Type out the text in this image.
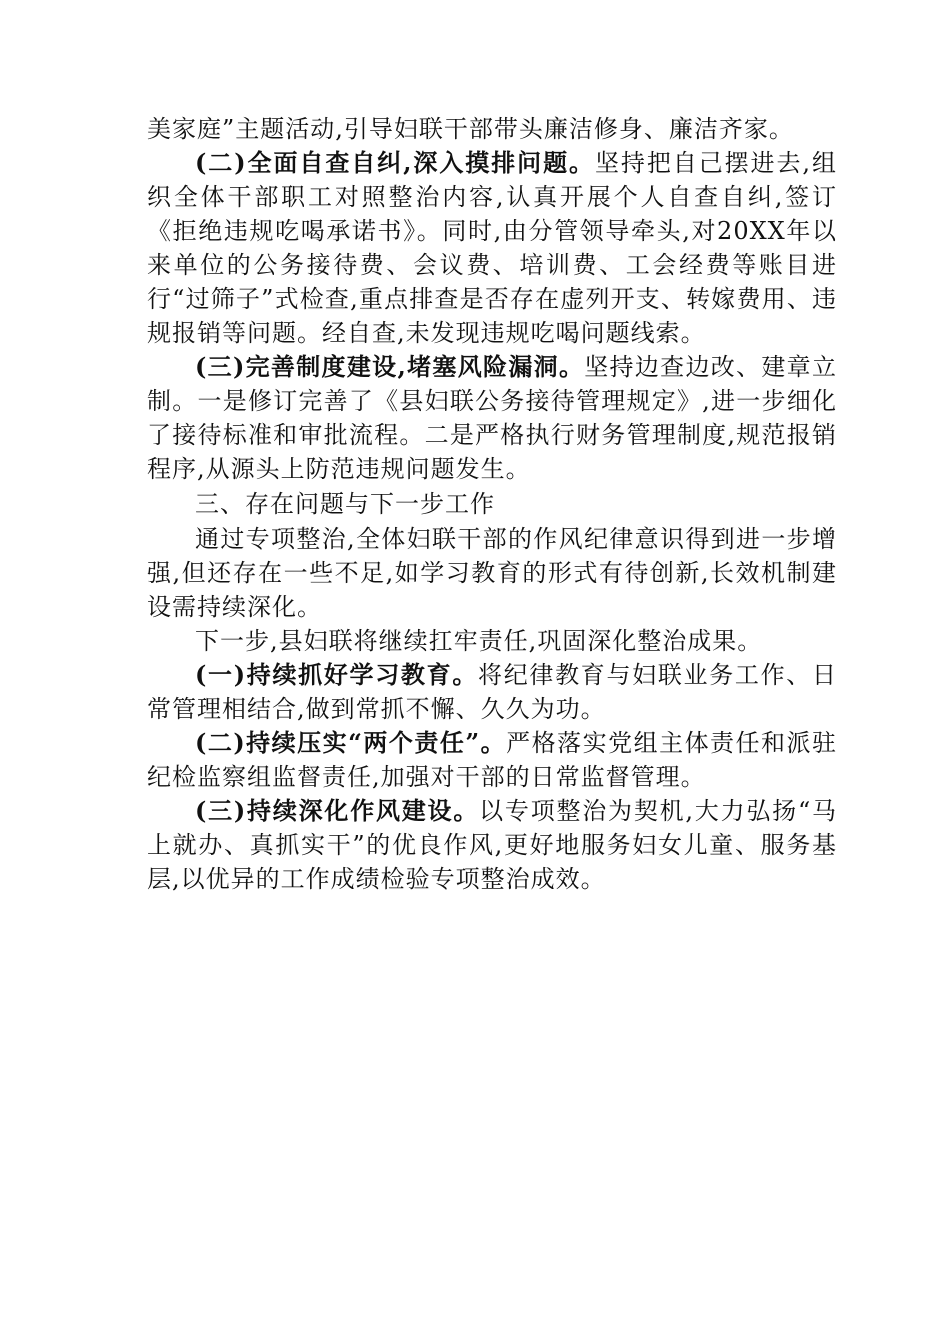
美家庭”主题活动,引导妇联干部带头廉洁修身、廉洁齐家。

(二)全面自查自纠,深入摸排问题。坚持把自己摆进去,组织全体干部职工对照整治内容,认真开展个人自查自纠,签订《拒绝违规吃喝承诺书》。同时,由分管领导牵头,对20XX年以来单位的公务接待费、会议费、培训费、工会经费等账目进行“过筛子”式检查,重点排查是否存在虚列开支、转嫁费用、违规报销等问题。经自查,未发现违规吃喝问题线索。

(三)完善制度建设,堵塞风险漏洞。坚持边查边改、建章立制。一是修订完善了《县妇联公务接待管理规定》,进一步细化了接待标准和审批流程。二是严格执行财务管理制度,规范报销程序,从源头上防范违规问题发生。

三、存在问题与下一步工作

通过专项整治,全体妇联干部的作风纪律意识得到进一步增强,但还存在一些不足,如学习教育的形式有待创新,长效机制建设需持续深化。

下一步,县妇联将继续扛牢责任,巩固深化整治成果。

(一)持续抓好学习教育。将纪律教育与妇联业务工作、日常管理相结合,做到常抓不懈、久久为功。

(二)持续压实“两个责任”。严格落实党组主体责任和派驻纪检监察组监督责任,加强对干部的日常监督管理。

(三)持续深化作风建设。以专项整治为契机,大力弘扬“马上就办、真抓实干”的优良作风,更好地服务妇女儿童、服务基层,以优异的工作成绩检验专项整治成效。
